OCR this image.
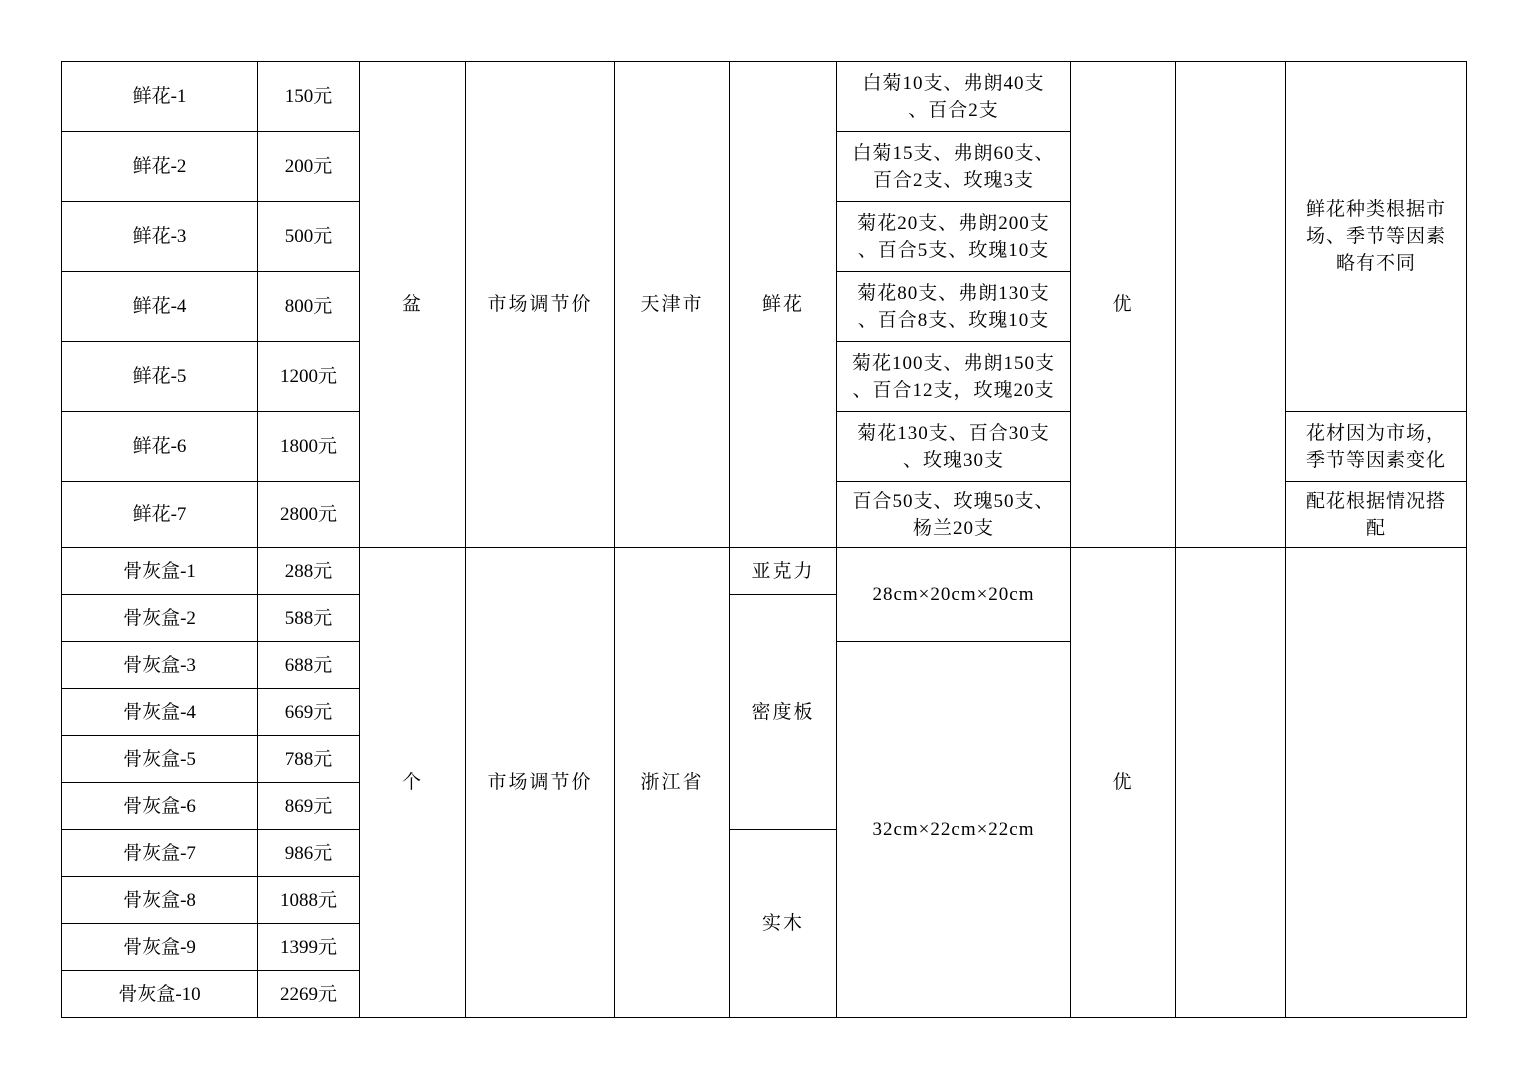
鲜花-1	150元	盆	市场调节价	天津市	鲜花	白菊10支、弗朗40支
、百合2支	优		鲜花种类根据市
场、季节等因素
略有不同
鲜花-2	200元					白菊15支、弗朗60支、
百合2支、玫瑰3支			
鲜花-3	500元					菊花20支、弗朗200支
、百合5支、玫瑰10支			
鲜花-4	800元					菊花80支、弗朗130支
、百合8支、玫瑰10支			
鲜花-5	1200元					菊花100支、弗朗150支
、百合12支，玫瑰20支			
鲜花-6	1800元					菊花130支、百合30支
、玫瑰30支			花材因为市场，
季节等因素变化
鲜花-7	2800元					百合50支、玫瑰50支、
杨兰20支			配花根据情况搭
配
骨灰盒-1	288元	个	市场调节价	浙江省	亚克力	28cm×20cm×20cm	优		
骨灰盒-2	588元				密度板				
骨灰盒-3	688元					32cm×22cm×22cm			
骨灰盒-4	669元								
骨灰盒-5	788元								
骨灰盒-6	869元								
骨灰盒-7	986元				实木				
骨灰盒-8	1088元								
骨灰盒-9	1399元								
骨灰盒-10	2269元								
